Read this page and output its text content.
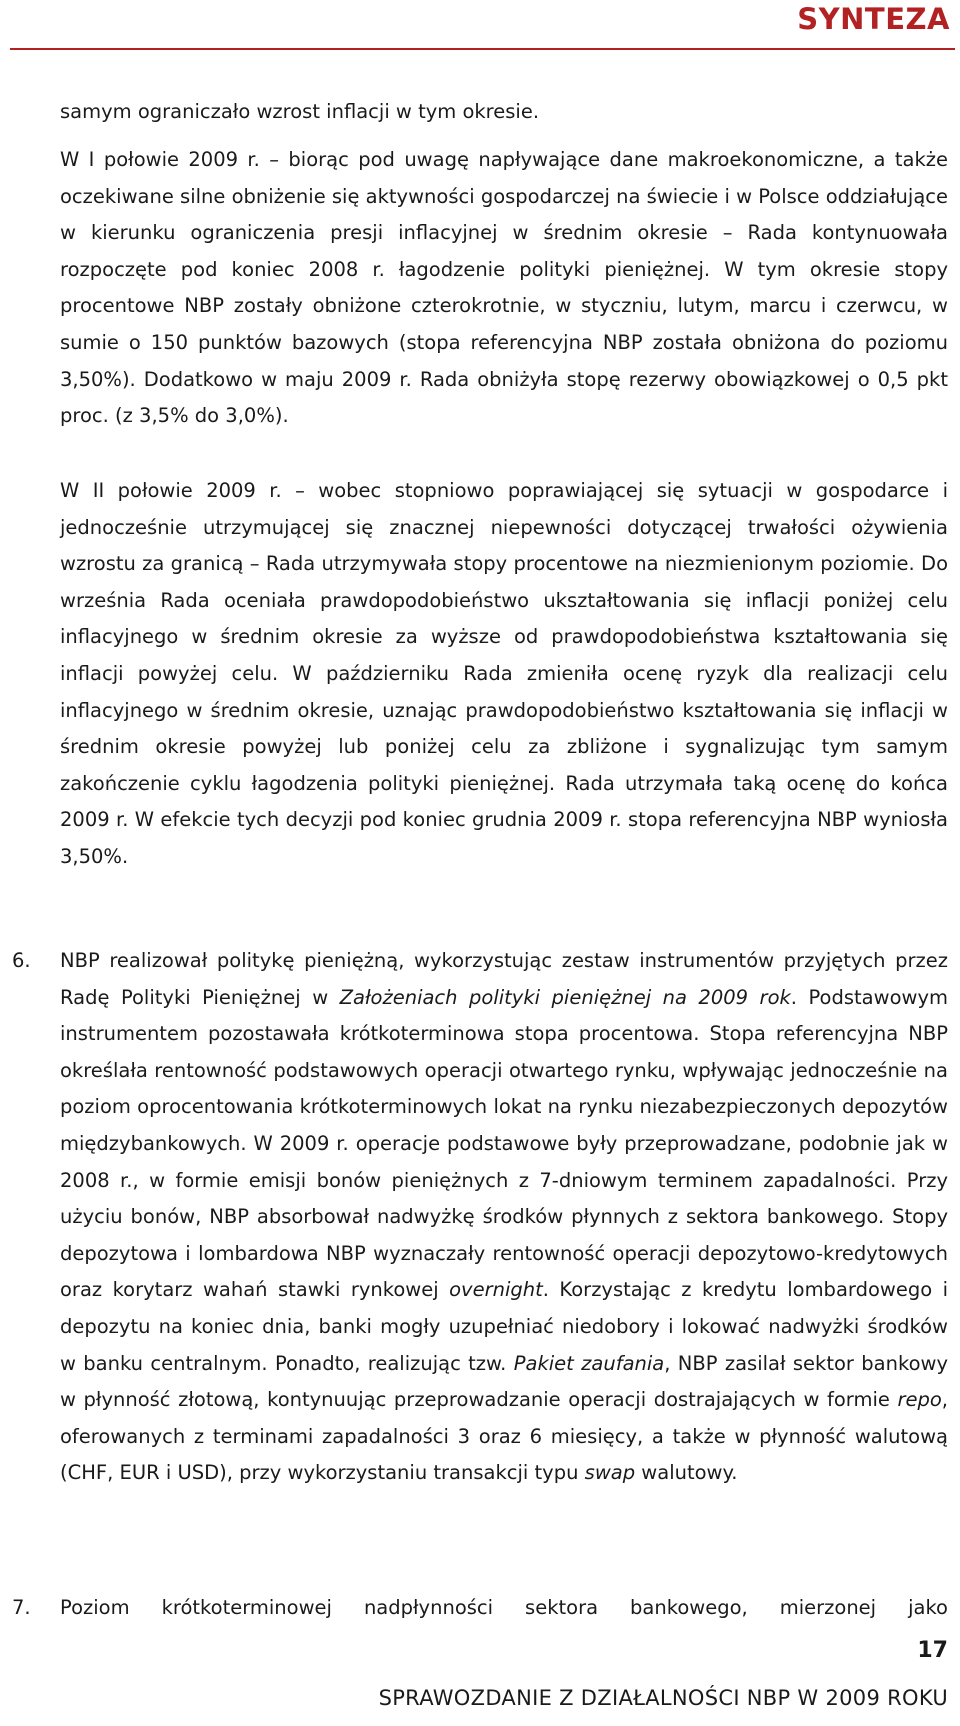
SYNTEZA

samym ograniczało wzrost inflacji w tym okresie.

W I połowie 2009 r. – biorąc pod uwagę napływające dane makroekonomiczne, a także oczekiwane silne obniżenie się aktywności gospodarczej na świecie i w Polsce oddziałujące w kierunku ograniczenia presji inflacyjnej w średnim okresie – Rada kontynuowała rozpoczęte pod koniec 2008 r. łagodzenie polityki pieniężnej. W tym okresie stopy procentowe NBP zostały obniżone czterokrotnie, w styczniu, lutym, marcu i czerwcu, w sumie o 150 punktów bazowych (stopa referencyjna NBP została obniżona do poziomu 3,50%). Dodatkowo w maju 2009 r. Rada obniżyła stopę rezerwy obowiązkowej o 0,5 pkt proc. (z 3,5% do 3,0%).

W II połowie 2009 r. – wobec stopniowo poprawiającej się sytuacji w gospodarce i jednocześnie utrzymującej się znacznej niepewności dotyczącej trwałości ożywienia wzrostu za granicą – Rada utrzymywała stopy procentowe na niezmienionym poziomie. Do września Rada oceniała prawdopodobieństwo ukształtowania się inflacji poniżej celu inflacyjnego w średnim okresie za wyższe od prawdopodobieństwa kształtowania się inflacji powyżej celu. W październiku Rada zmieniła ocenę ryzyk dla realizacji celu inflacyjnego w średnim okresie, uznając prawdopodobieństwo kształtowania się inflacji w średnim okresie powyżej lub poniżej celu za zbliżone i sygnalizując tym samym zakończenie cyklu łagodzenia polityki pieniężnej. Rada utrzymała taką ocenę do końca 2009 r. W efekcie tych decyzji pod koniec grudnia 2009 r. stopa referencyjna NBP wyniosła 3,50%.

6. NBP realizował politykę pieniężną, wykorzystując zestaw instrumentów przyjętych przez Radę Polityki Pieniężnej w Założeniach polityki pieniężnej na 2009 rok. Podstawowym instrumentem pozostawała krótkoterminowa stopa procentowa. Stopa referencyjna NBP określała rentowność podstawowych operacji otwartego rynku, wpływając jednocześnie na poziom oprocentowania krótkoterminowych lokat na rynku niezabezpieczonych depozytów międzybankowych. W 2009 r. operacje podstawowe były przeprowadzane, podobnie jak w 2008 r., w formie emisji bonów pieniężnych z 7-dniowym terminem zapadalności. Przy użyciu bonów, NBP absorbował nadwyżkę środków płynnych z sektora bankowego. Stopy depozytowa i lombardowa NBP wyznaczały rentowność operacji depozytowo-kredytowych oraz korytarz wahań stawki rynkowej overnight. Korzystając z kredytu lombardowego i depozytu na koniec dnia, banki mogły uzupełniać niedobory i lokować nadwyżki środków w banku centralnym. Ponadto, realizując tzw. Pakiet zaufania, NBP zasilał sektor bankowy w płynność złotową, kontynuując przeprowadzanie operacji dostrajających w formie repo, oferowanych z terminami zapadalności 3 oraz 6 miesięcy, a także w płynność walutową (CHF, EUR i USD), przy wykorzystaniu transakcji typu swap walutowy.
7. Poziom krótkoterminowej nadpłynności sektora bankowego, mierzonej jako
17
SPRAWOZDANIE Z DZIAŁALNOŚCI NBP W 2009 ROKU
